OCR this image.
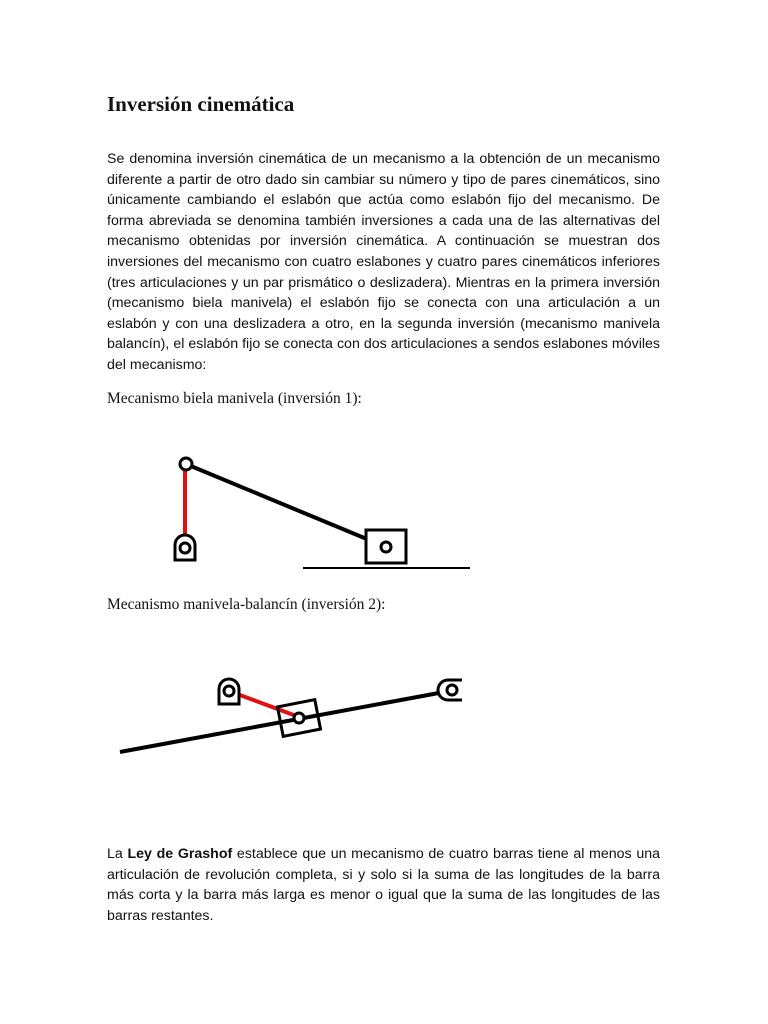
Inversión cinemática

Se denomina inversión cinemática de un mecanismo a la obtención de un mecanismo diferente a partir de otro dado sin cambiar su número y tipo de pares cinemáticos, sino únicamente cambiando el eslabón que actúa como eslabón fijo del mecanismo. De forma abreviada se denomina también inversiones a cada una de las alternativas del mecanismo obtenidas por inversión cinemática. A continuación se muestran dos inversiones del mecanismo con cuatro eslabones y cuatro pares cinemáticos inferiores (tres articulaciones y un par prismático o deslizadera). Mientras en la primera inversión (mecanismo biela manivela) el eslabón fijo se conecta con una articulación a un eslabón y con una deslizadera a otro, en la segunda inversión (mecanismo manivela balancín), el eslabón fijo se conecta con dos articulaciones a sendos eslabones móviles del mecanismo:

Mecanismo biela manivela (inversión 1):

Mecanismo manivela-balancín (inversión 2):

La Ley de Grashof establece que un mecanismo de cuatro barras tiene al menos una articulación de revolución completa, si y solo si la suma de las longitudes de la barra más corta y la barra más larga es menor o igual que la suma de las longitudes de las barras restantes.
